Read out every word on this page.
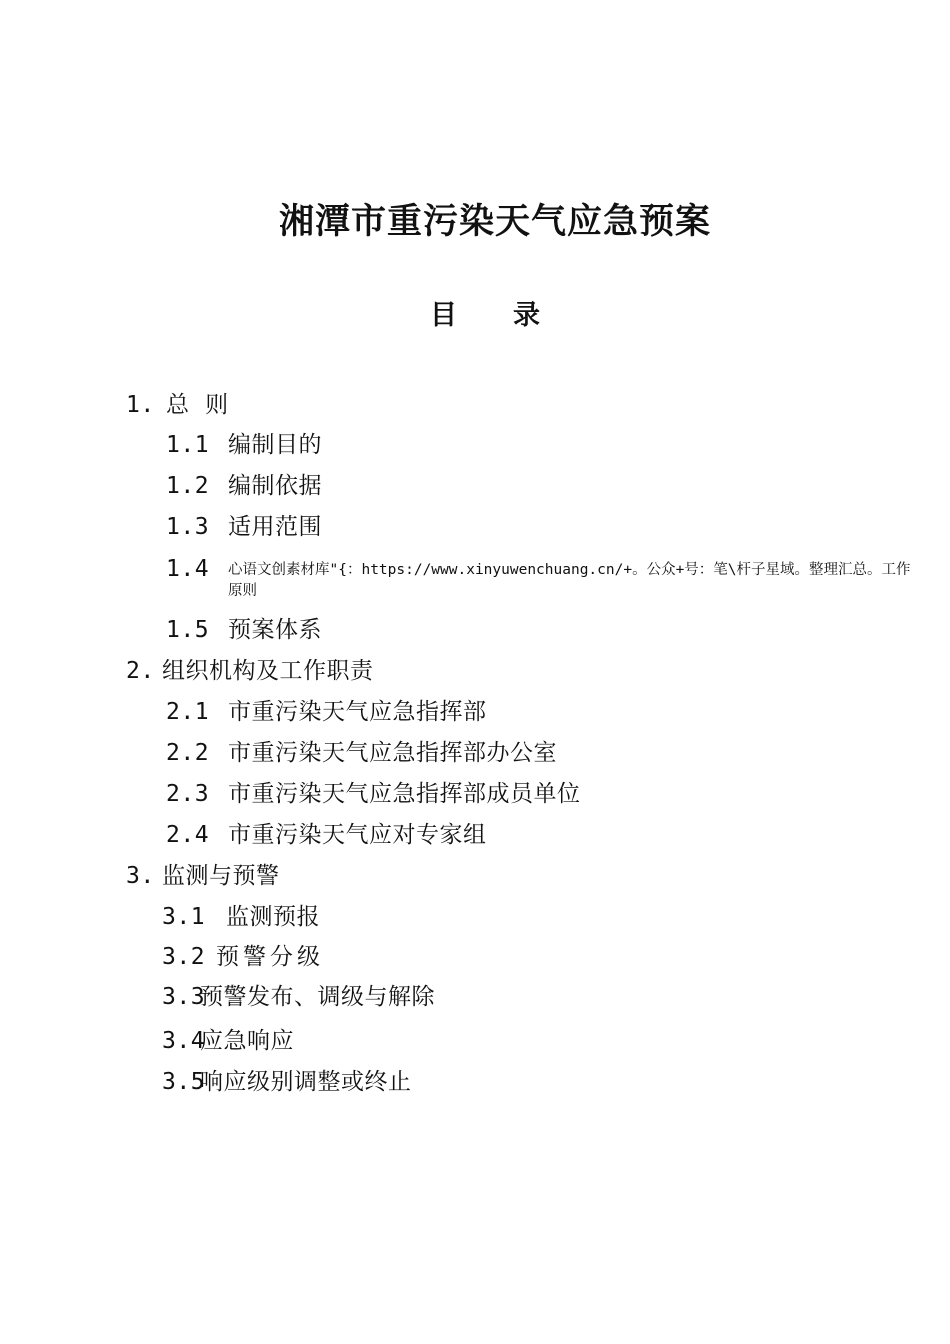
湘潭市重污染天气应急预案
目 录
1. 总  则
1.1 编制目的
1.2 编制依据
1.3 适用范围
1.4	心语文创素材库"{：https://www.xinyuwenchuang.cn/+。公众+号：笔\杆子星域。整理汇总。工作原则
1.5 预案体系
2. 组织机构及工作职责
2.1 市重污染天气应急指挥部
2.2 市重污染天气应急指挥部办公室
2.3 市重污染天气应急指挥部成员单位
2.4 市重污染天气应对专家组
3. 监测与预警
3.1 监测预报
3.2 预警分级
3.3
预警发布、调级与解除
3.4
应急响应
3.5
响应级别调整或终止
